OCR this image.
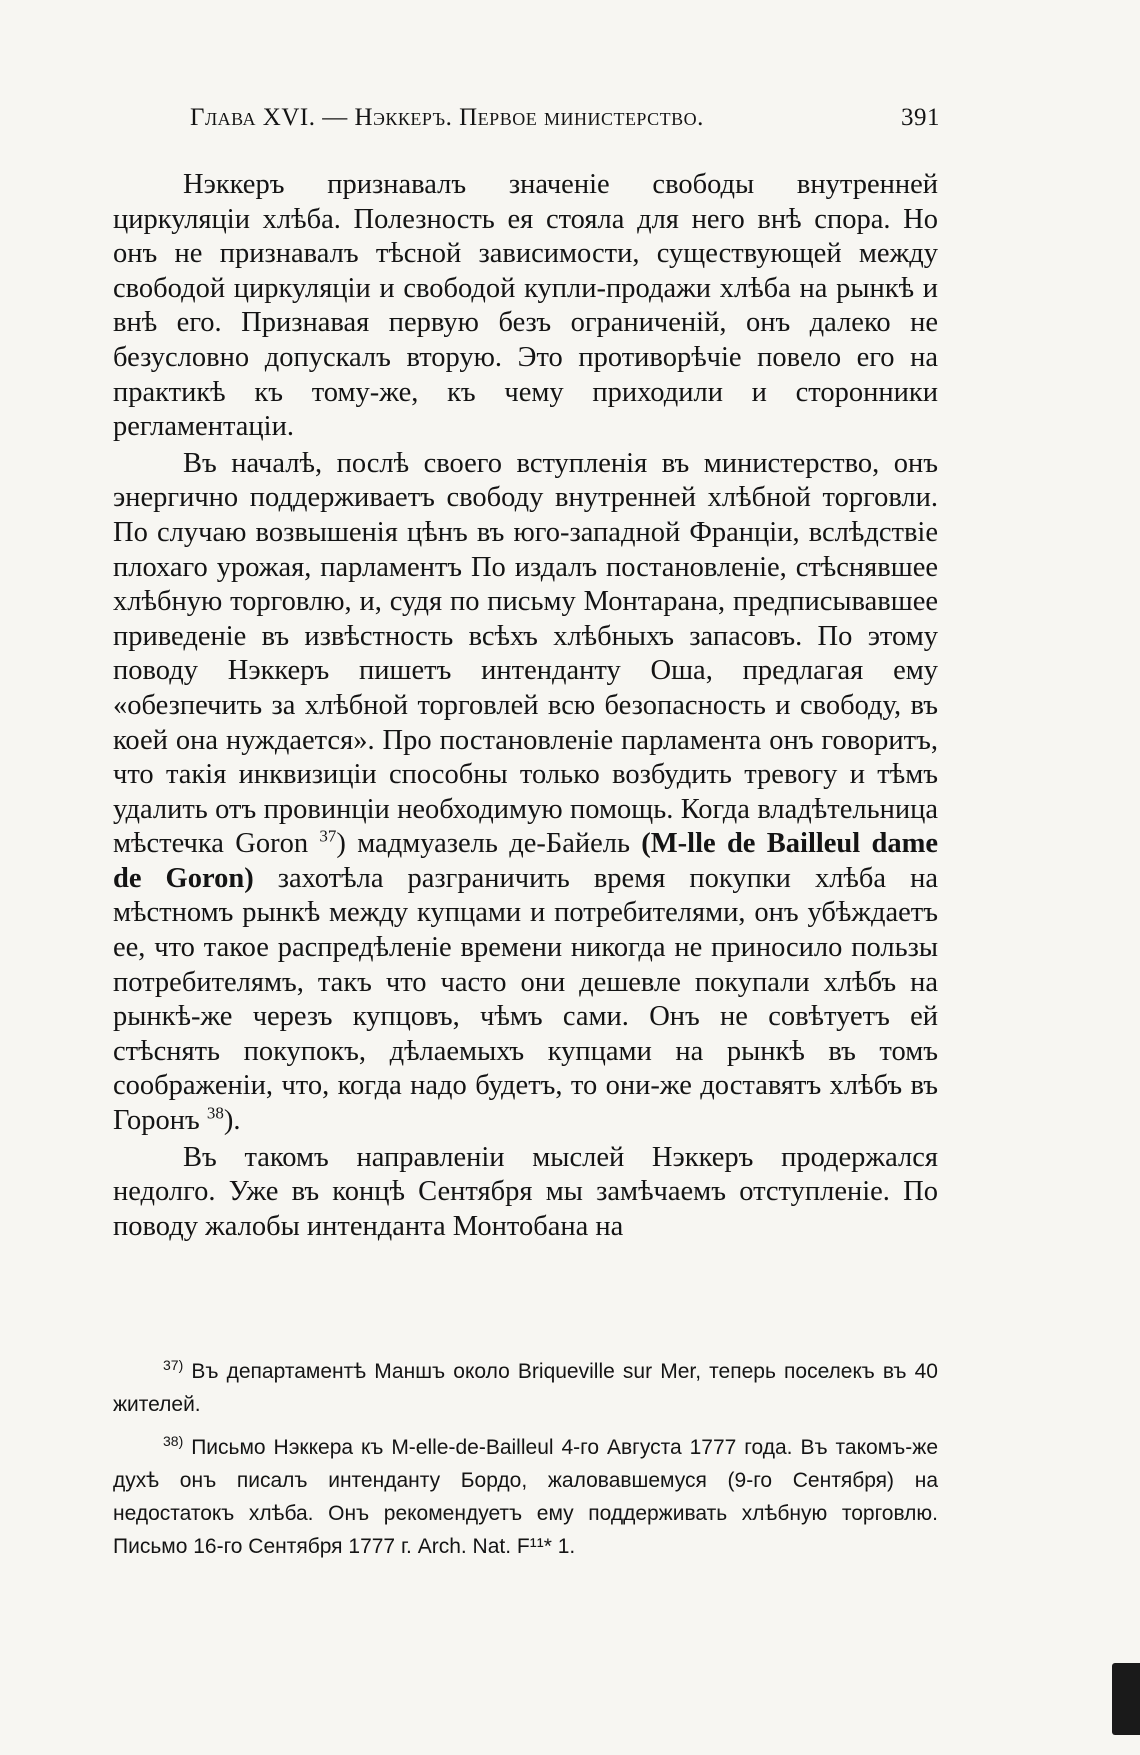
Глава XVI. — Нэккеръ. Первое министерство.	391

Нэккеръ признавалъ значеніе свободы внутренней циркуляціи хлѣба. Полезность ея стояла для него внѣ спора. Но онъ не признавалъ тѣсной зависимости, существующей между свободой циркуляціи и свободой купли-продажи хлѣба на рынкѣ и внѣ его. Признавая первую безъ ограниченій, онъ далеко не безусловно допускалъ вторую. Это противорѣчіе повело его на практикѣ къ тому-же, къ чему приходили и сторонники регламентаціи.

Въ началѣ, послѣ своего вступленія въ министерство, онъ энергично поддерживаетъ свободу внутренней хлѣбной торговли. По случаю возвышенія цѣнъ въ юго-западной Франціи, вслѣдствіе плохаго урожая, парламентъ По издалъ постановленіе, стѣснявшее хлѣбную торговлю, и, судя по письму Монтарана, предписывавшее приведеніе въ извѣстность всѣхъ хлѣбныхъ запасовъ. По этому поводу Нэккеръ пишетъ интенданту Оша, предлагая ему «обезпечить за хлѣбной торговлей всю безопасность и свободу, въ коей она нуждается». Про постановленіе парламента онъ говоритъ, что такія инквизиціи способны только возбудить тревогу и тѣмъ удалить отъ провинціи необходимую помощь. Когда владѣтельница мѣстечка Goron $^{37}$) мадмуазель де-Байель (M-lle de Bailleul dame de Goron) захотѣла разграничить время покупки хлѣба на мѣстномъ рынкѣ между купцами и потребителями, онъ убѣждаетъ ее, что такое распредѣленіе времени никогда не приносило пользы потребителямъ, такъ что часто они дешевле покупали хлѣбъ на рынкѣ-же черезъ купцовъ, чѣмъ сами. Онъ не совѣтуетъ ей стѣснять покупокъ, дѣлаемыхъ купцами на рынкѣ въ томъ соображеніи, что, когда надо будетъ, то они-же доставятъ хлѣбъ въ Горонъ $^{38}$).

Въ такомъ направленіи мыслей Нэккеръ продержался недолго. Уже въ концѣ Сентября мы замѣчаемъ отступленіе. По поводу жалобы интенданта Монтобана на

$^{37)}$ Въ департаментѣ Маншъ около Briqueville sur Mer, теперь поселекъ въ 40 жителей.

$^{38)}$ Письмо Нэккера къ M-elle-de-Bailleul 4-го Августа 1777 года. Въ такомъ-же духѣ онъ писалъ интенданту Бордо, жаловавшемуся (9-го Сентября) на недостатокъ хлѣба. Онъ рекомендуетъ ему поддерживать хлѣбную торговлю. Письмо 16-го Сентября 1777 г. Arch. Nat. F¹¹* 1.
